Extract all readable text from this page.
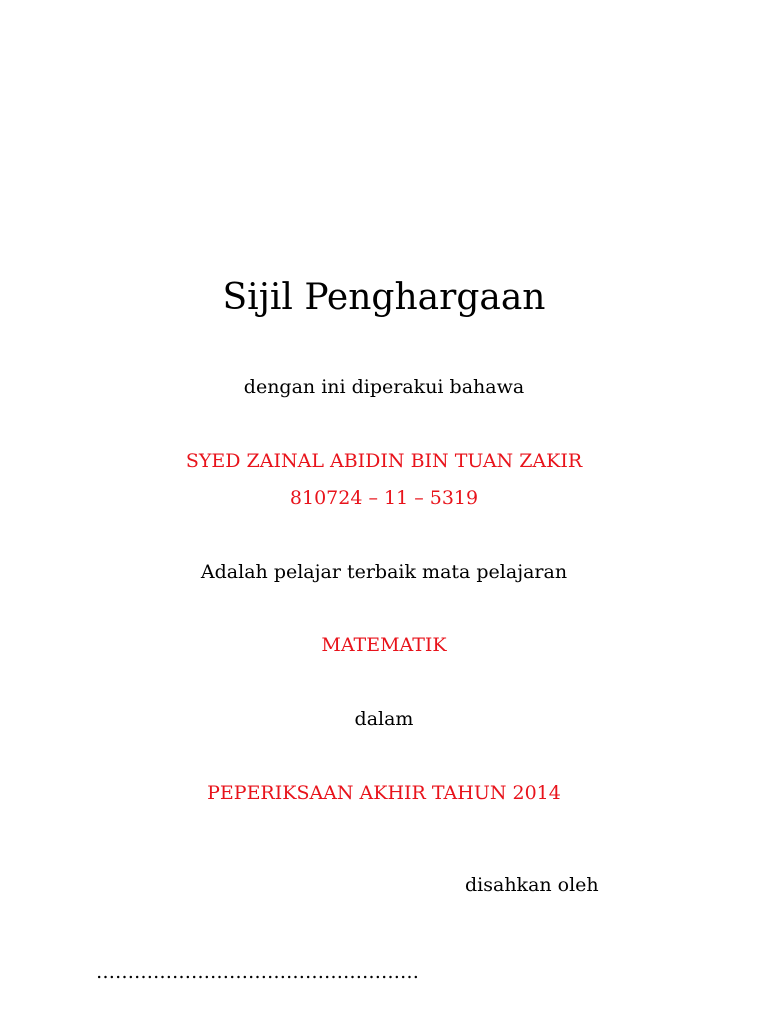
Sijil Penghargaan
dengan ini diperakui bahawa
SYED ZAINAL ABIDIN BIN TUAN ZAKIR
810724 – 11 – 5319
Adalah pelajar terbaik mata pelajaran
MATEMATIK
dalam
PEPERIKSAAN AKHIR TAHUN 2014
disahkan oleh
……………………………………………
